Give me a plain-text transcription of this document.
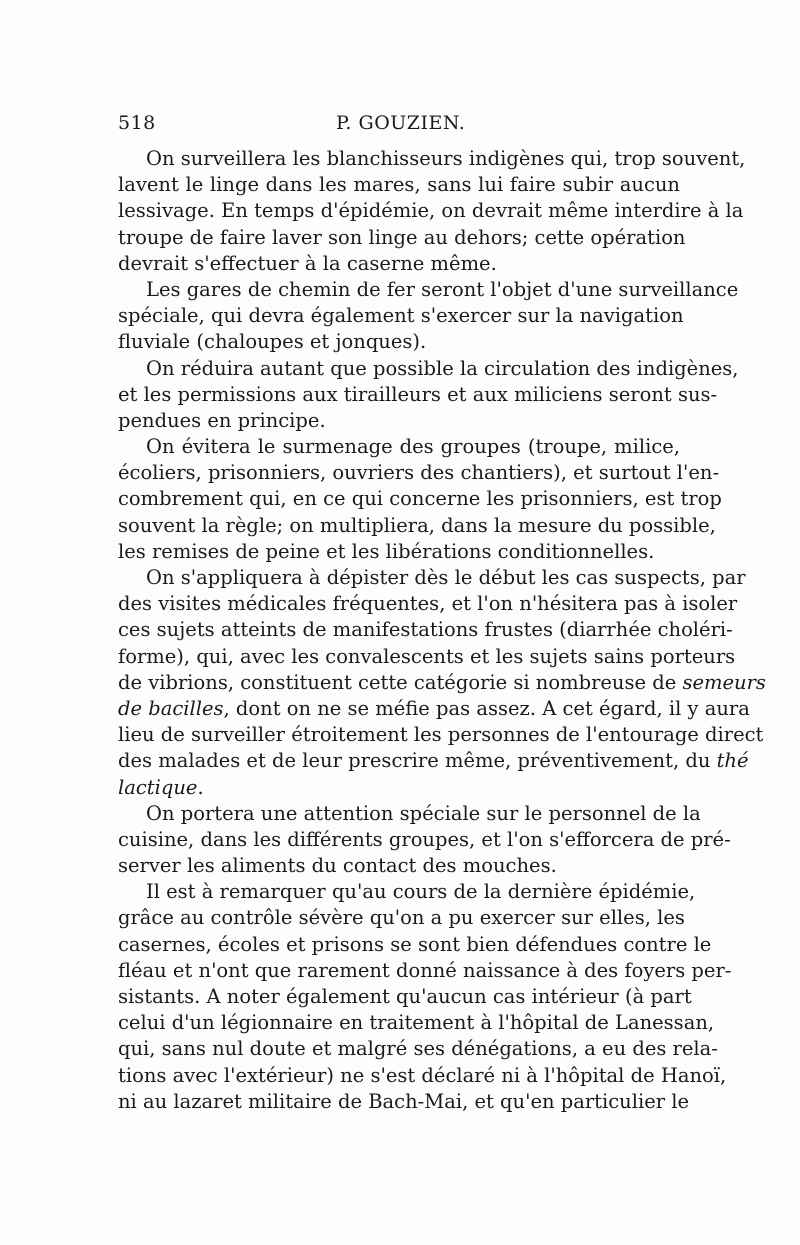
518	P. GOUZIEN.
On surveillera les blanchisseurs indigènes qui, trop souvent,
lavent le linge dans les mares, sans lui faire subir aucun
lessivage. En temps d'épidémie, on devrait même interdire à la
troupe de faire laver son linge au dehors; cette opération
devrait s'effectuer à la caserne même.
Les gares de chemin de fer seront l'objet d'une surveillance
spéciale, qui devra également s'exercer sur la navigation
fluviale (chaloupes et jonques).
On réduira autant que possible la circulation des indigènes,
et les permissions aux tirailleurs et aux miliciens seront sus-
pendues en principe.
On évitera le surmenage des groupes (troupe, milice,
écoliers, prisonniers, ouvriers des chantiers), et surtout l'en-
combrement qui, en ce qui concerne les prisonniers, est trop
souvent la règle; on multipliera, dans la mesure du possible,
les remises de peine et les libérations conditionnelles.
On s'appliquera à dépister dès le début les cas suspects, par
des visites médicales fréquentes, et l'on n'hésitera pas à isoler
ces sujets atteints de manifestations frustes (diarrhée choléri-
forme), qui, avec les convalescents et les sujets sains porteurs
de vibrions, constituent cette catégorie si nombreuse de semeurs
de bacilles, dont on ne se méfie pas assez. A cet égard, il y aura
lieu de surveiller étroitement les personnes de l'entourage direct
des malades et de leur prescrire même, préventivement, du thé
lactique.
On portera une attention spéciale sur le personnel de la
cuisine, dans les différents groupes, et l'on s'efforcera de pré-
server les aliments du contact des mouches.
Il est à remarquer qu'au cours de la dernière épidémie,
grâce au contrôle sévère qu'on a pu exercer sur elles, les
casernes, écoles et prisons se sont bien défendues contre le
fléau et n'ont que rarement donné naissance à des foyers per-
sistants. A noter également qu'aucun cas intérieur (à part
celui d'un légionnaire en traitement à l'hôpital de Lanessan,
qui, sans nul doute et malgré ses dénégations, a eu des rela-
tions avec l'extérieur) ne s'est déclaré ni à l'hôpital de Hanoï,
ni au lazaret militaire de Bach-Mai, et qu'en particulier le
